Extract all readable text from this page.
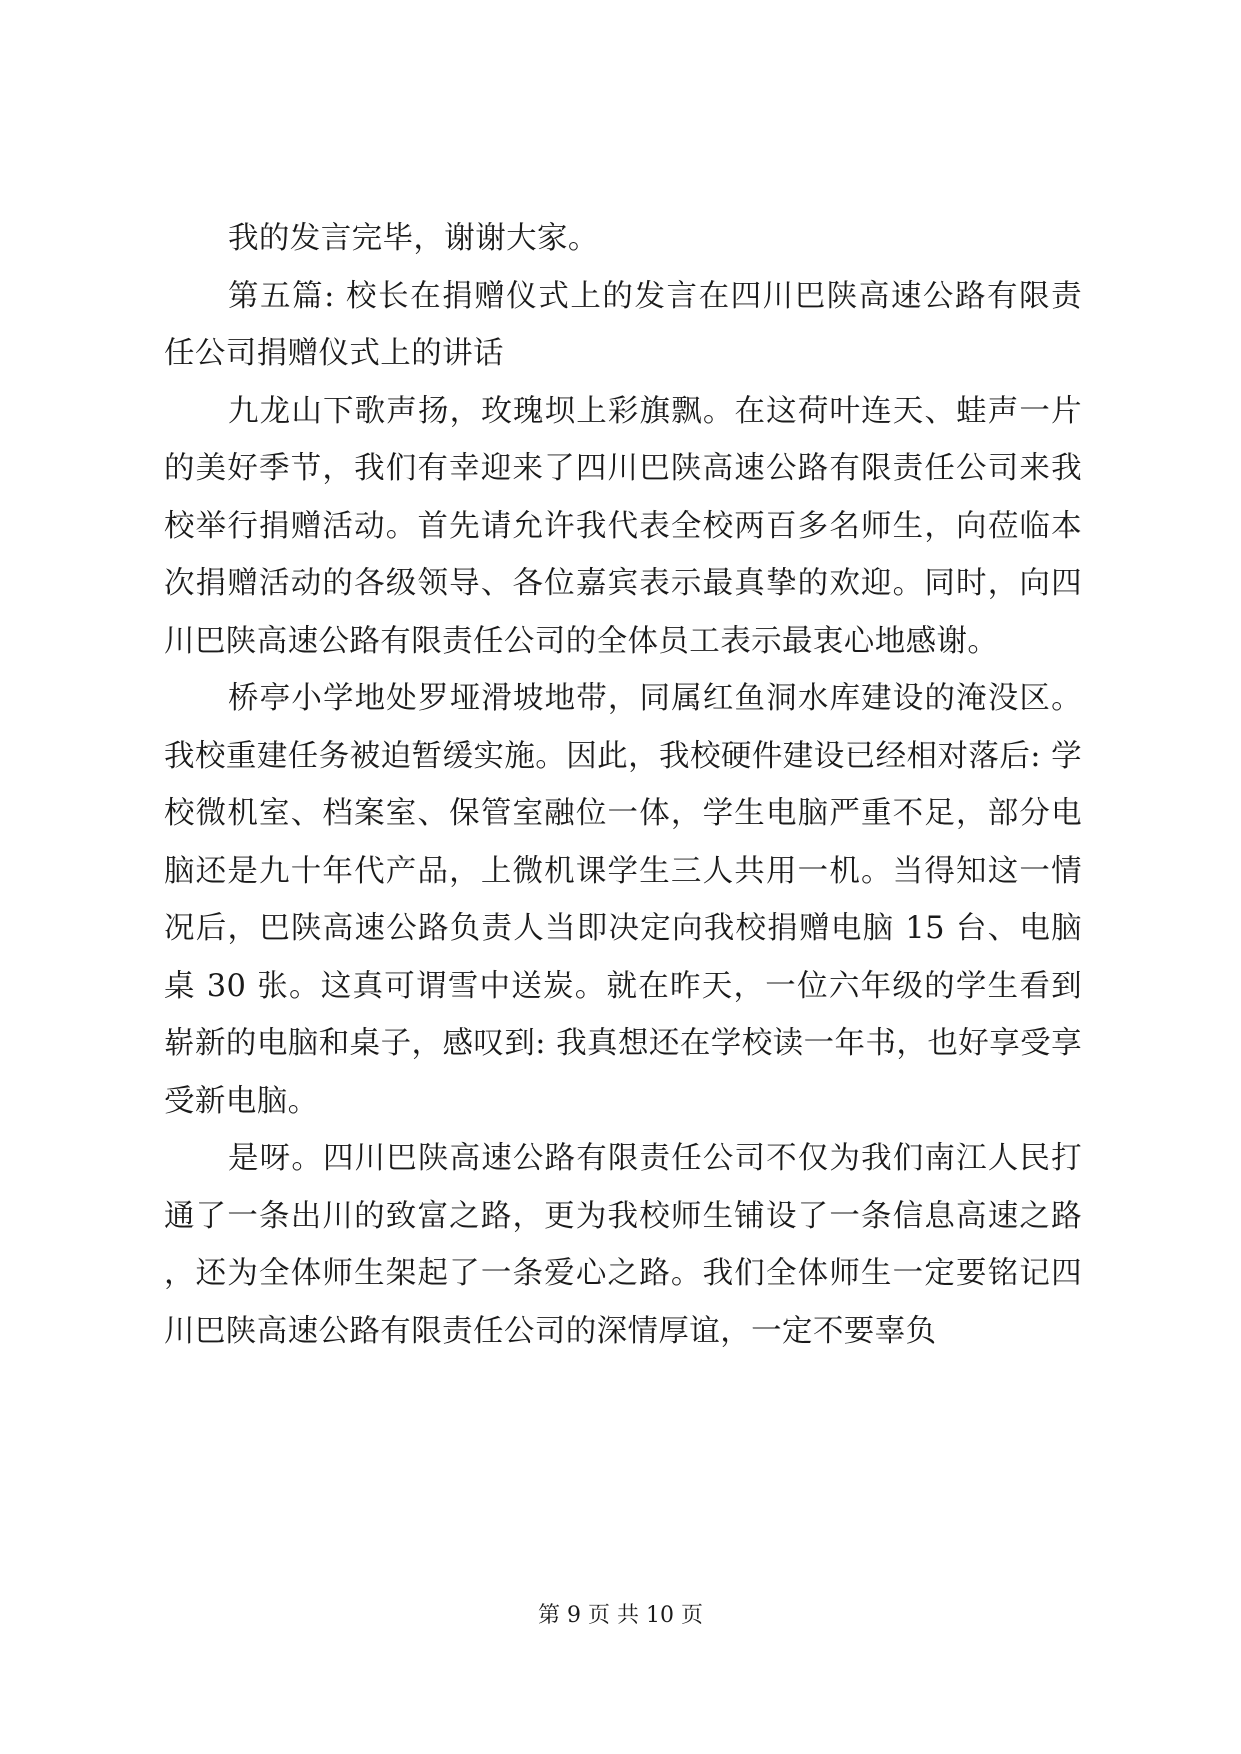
我的发言完毕，谢谢大家。

第五篇: 校长在捐赠仪式上的发言在四川巴陕高速公路有限责任公司捐赠仪式上的讲话

九龙山下歌声扬，玫瑰坝上彩旗飘。在这荷叶连天、蛙声一片的美好季节，我们有幸迎来了四川巴陕高速公路有限责任公司来我校举行捐赠活动。首先请允许我代表全校两百多名师生，向莅临本次捐赠活动的各级领导、各位嘉宾表示最真挚的欢迎。同时，向四川巴陕高速公路有限责任公司的全体员工表示最衷心地感谢。

桥亭小学地处罗垭滑坡地带，同属红鱼洞水库建设的淹没区。我校重建任务被迫暂缓实施。因此，我校硬件建设已经相对落后: 学校微机室、档案室、保管室融位一体，学生电脑严重不足，部分电脑还是九十年代产品，上微机课学生三人共用一机。当得知这一情况后，巴陕高速公路负责人当即决定向我校捐赠电脑 15 台、电脑桌 30 张。这真可谓雪中送炭。就在昨天，一位六年级的学生看到崭新的电脑和桌子，感叹到: 我真想还在学校读一年书，也好享受享受新电脑。

是呀。四川巴陕高速公路有限责任公司不仅为我们南江人民打通了一条出川的致富之路，更为我校师生铺设了一条信息高速之路，还为全体师生架起了一条爱心之路。我们全体师生一定要铭记四川巴陕高速公路有限责任公司的深情厚谊，一定不要辜负

第 9 页 共 10 页
